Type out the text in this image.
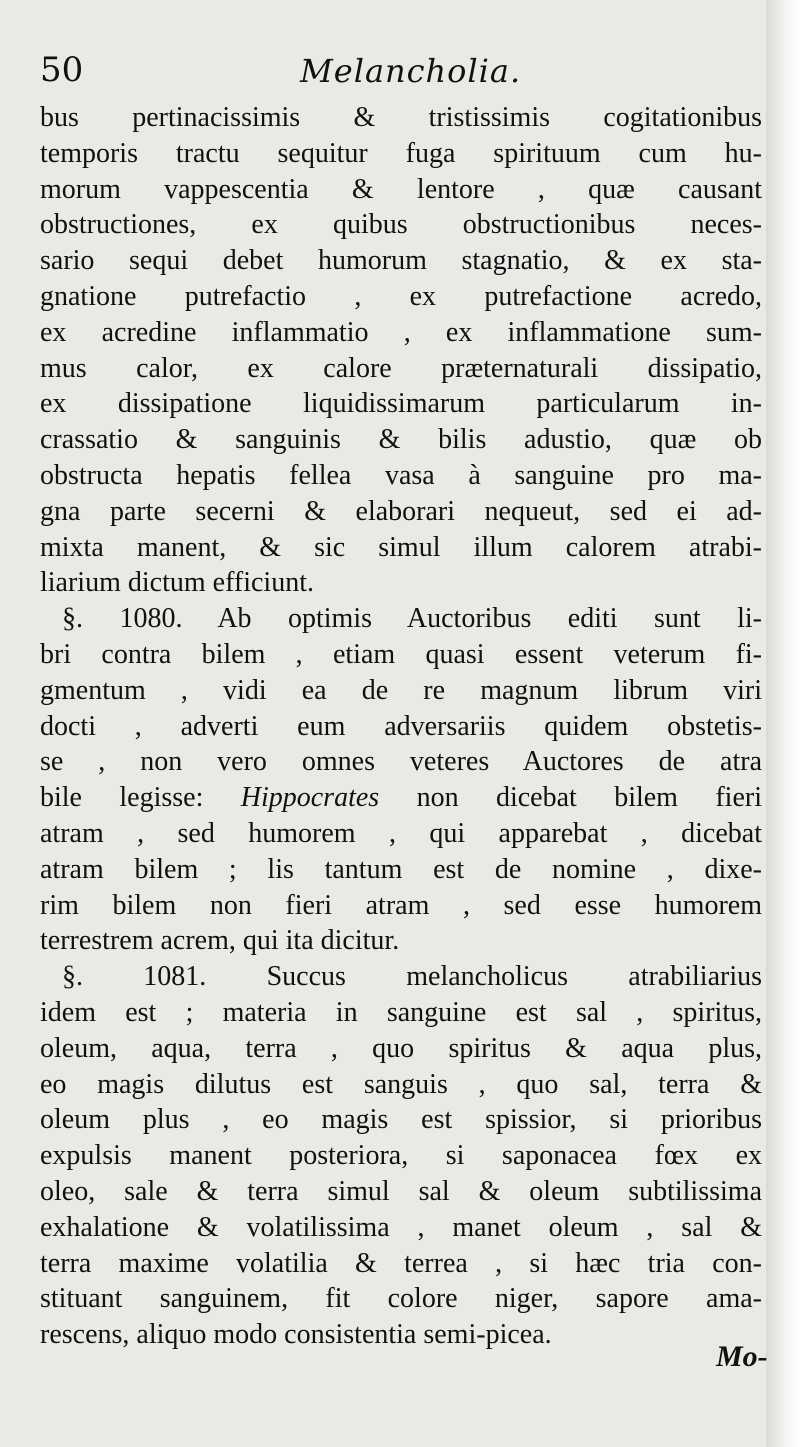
50	Melancholia.
bus pertinacissimis & tristissimis cogitationibus
temporis tractu sequitur fuga spirituum cum hu-
morum vappescentia & lentore , quæ causant
obstructiones, ex quibus obstructionibus neces-
sario sequi debet humorum stagnatio, & ex sta-
gnatione putrefactio , ex putrefactione acredo,
ex acredine inflammatio , ex inflammatione sum-
mus calor, ex calore præternaturali dissipatio,
ex dissipatione liquidissimarum particularum in-
crassatio & sanguinis & bilis adustio, quæ ob
obstructa hepatis fellea vasa à sanguine pro ma-
gna parte secerni & elaborari nequeut, sed ei ad-
mixta manent, & sic simul illum calorem atrabi-
liarium dictum efficiunt.
§. 1080. Ab optimis Auctoribus editi sunt li-
bri contra bilem , etiam quasi essent veterum fi-
gmentum , vidi ea de re magnum librum viri
docti , adverti eum adversariis quidem obstetis-
se , non vero omnes veteres Auctores de atra
bile legisse: Hippocrates non dicebat bilem fieri
atram , sed humorem , qui apparebat , dicebat
atram bilem ; lis tantum est de nomine , dixe-
rim bilem non fieri atram , sed esse humorem
terrestrem acrem, qui ita dicitur.
§. 1081. Succus melancholicus atrabiliarius
idem est ; materia in sanguine est sal , spiritus,
oleum, aqua, terra , quo spiritus & aqua plus,
eo magis dilutus est sanguis , quo sal, terra &
oleum plus , eo magis est spissior, si prioribus
expulsis manent posteriora, si saponacea fœx ex
oleo, sale & terra simul sal & oleum subtilissima
exhalatione & volatilissima , manet oleum , sal &
terra maxime volatilia & terrea , si hæc tria con-
stituant sanguinem, fit colore niger, sapore ama-
rescens, aliquo modo consistentia semi-picea.
Mo-
